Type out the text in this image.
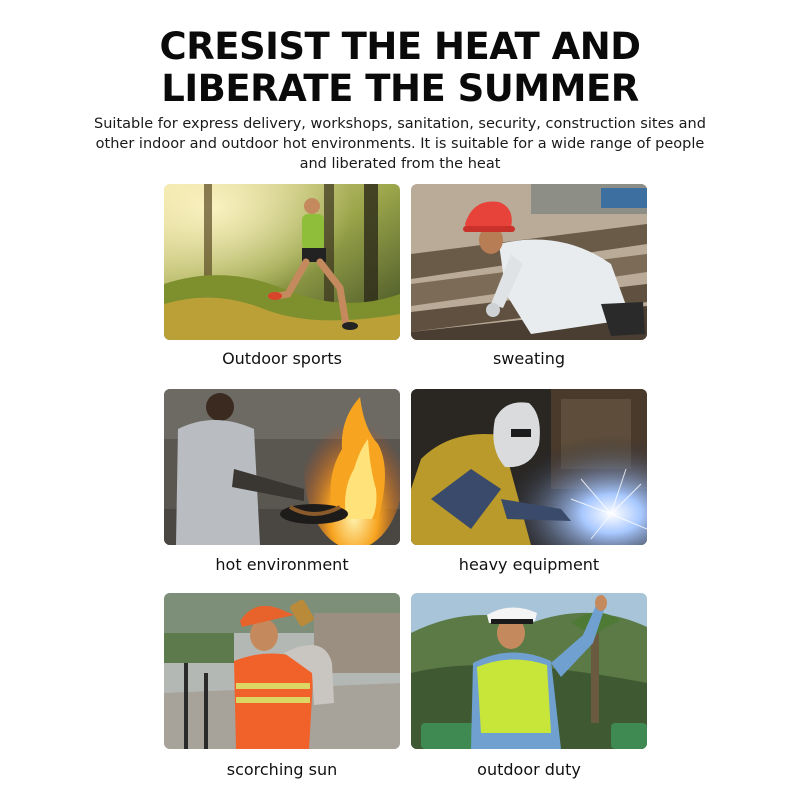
CRESIST THE HEAT AND
LIBERATE THE SUMMER

Suitable for express delivery, workshops, sanitation, security, construction sites and
other indoor and outdoor hot environments. It is suitable for a wide range of people
and liberated from the heat

Outdoor sports	sweating
hot environment	heavy equipment
scorching sun	outdoor duty
